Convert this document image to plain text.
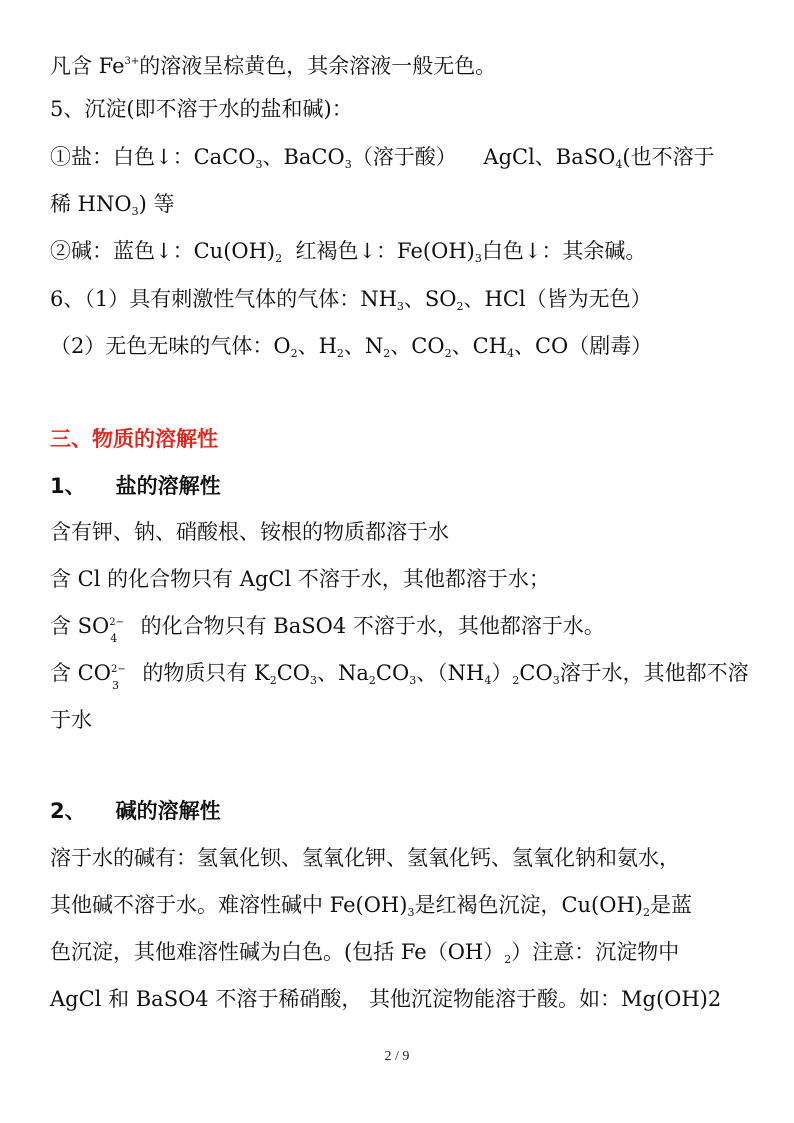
凡含 $Fe^{3+}$的溶液呈棕黄色，其余溶液一般无色。
5、沉淀(即不溶于水的盐和碱)：
①盐：白色↓：CaCO$_3$、BaCO$_3$（溶于酸）    AgCl、BaSO$_4$(也不溶于
稀 $HNO_3$) 等
②碱：蓝色↓：$Cu(OH)_2$  红褐色↓：$Fe(OH)_3$白色↓：其余碱。
6、（1）具有刺激性气体的气体：$NH_3$、$SO_2$、HCl（皆为无色）
（2）无色无味的气体：$O_2$、$H_2$、$N_2$、$CO_2$、$CH_4$、CO（剧毒）
三、物质的溶解性
1、 盐的溶解性
含有钾、钠、硝酸根、铵根的物质都溶于水
含 Cl 的化合物只有 AgCl 不溶于水，其他都溶于水；
含 SO 2−
4
的化合物只有 BaSO4 不溶于水，其他都溶于水。
含 CO 2−
3
的物质只有 $K_2CO_3$、$Na_2CO_3$、$(NH_4)_2CO_3$溶于水，其他都不溶
于水
2、 碱的溶解性
溶于水的碱有：氢氧化钡、氢氧化钾、氢氧化钙、氢氧化钠和氨水，
其他碱不溶于水。难溶性碱中 $Fe(OH)_3$是红褐色沉淀，$Cu(OH)_2$是蓝
色沉淀，其他难溶性碱为白色。(包括 $Fe(OH)_2$）注意：沉淀物中
AgCl 和 BaSO4 不溶于稀硝酸， 其他沉淀物能溶于酸。如：Mg(OH)2
2 / 9
